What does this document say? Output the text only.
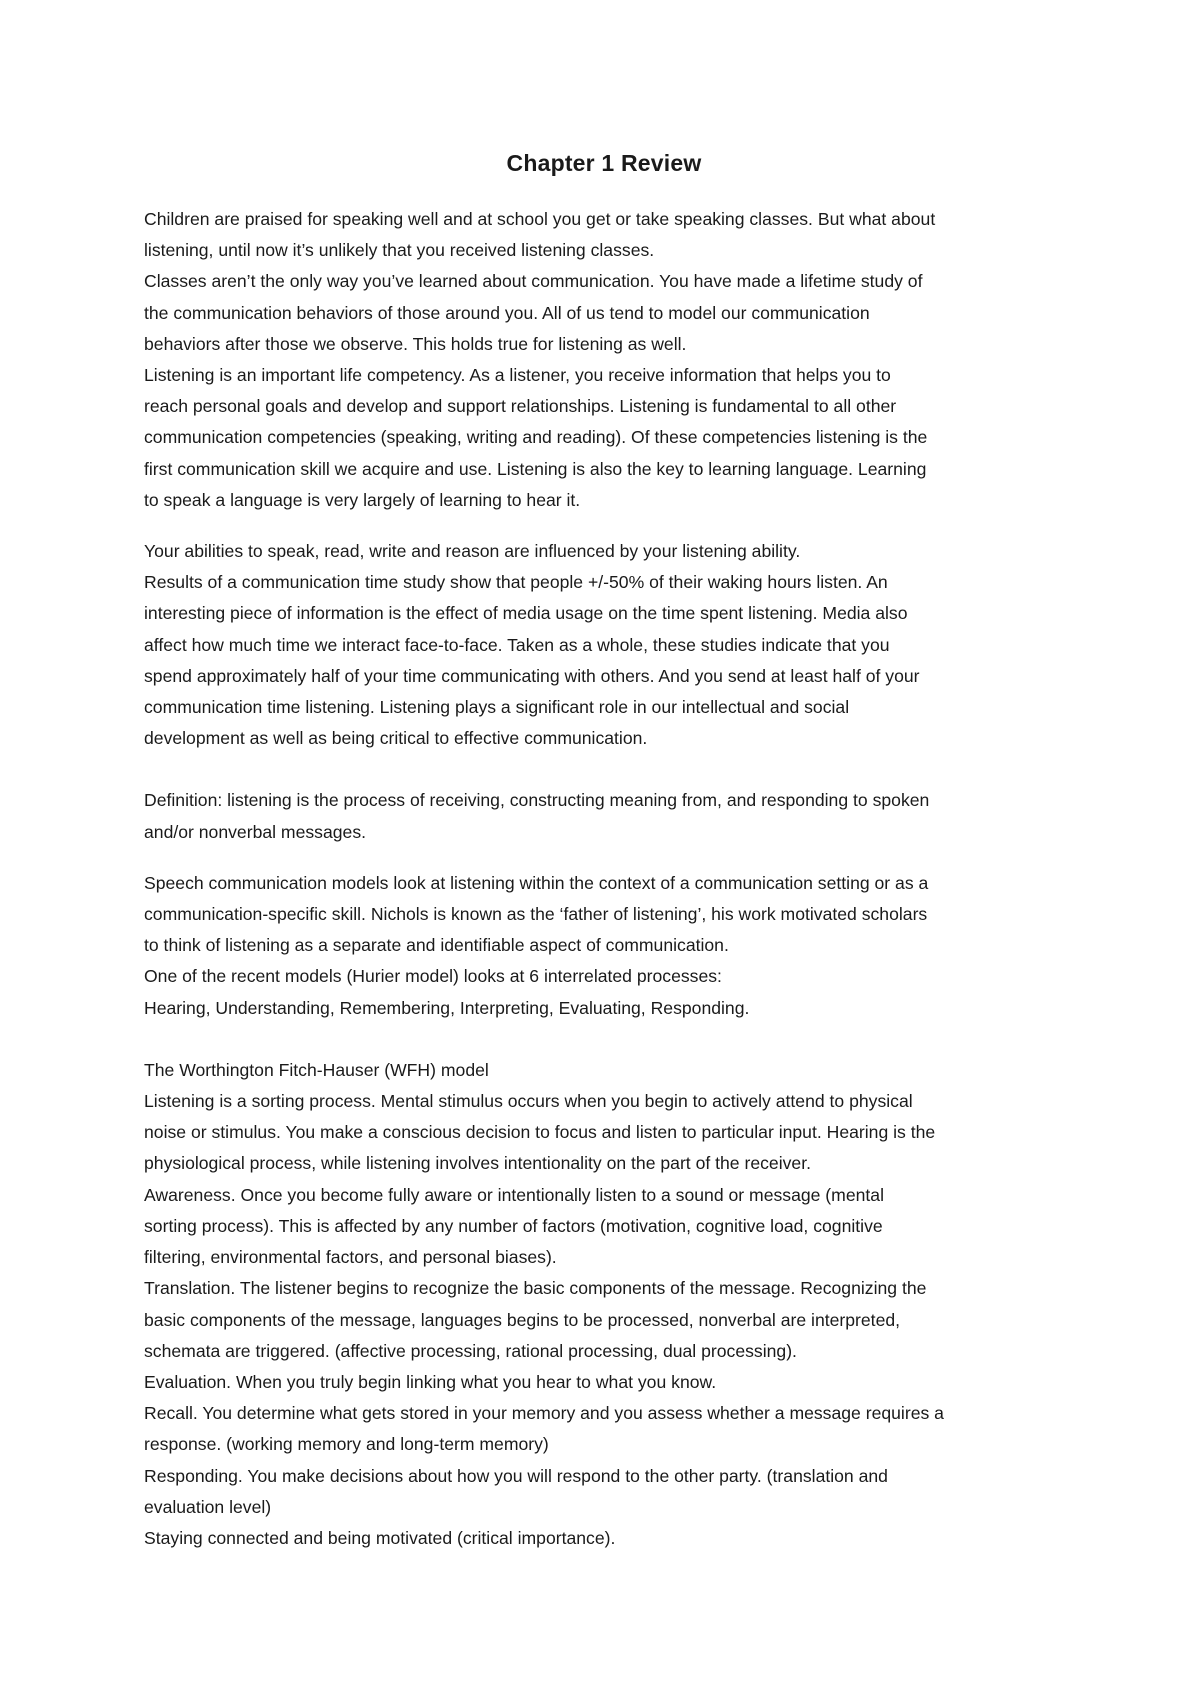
Chapter 1 Review

Children are praised for speaking well and at school you get or take speaking classes. But what about
listening, until now it’s unlikely that you received listening classes.

Classes aren’t the only way you’ve learned about communication. You have made a lifetime study of
the communication behaviors of those around you. All of us tend to model our communication
behaviors after those we observe. This holds true for listening as well.

Listening is an important life competency. As a listener, you receive information that helps you to
reach personal goals and develop and support relationships. Listening is fundamental to all other
communication competencies (speaking, writing and reading). Of these competencies listening is the
first communication skill we acquire and use. Listening is also the key to learning language. Learning
to speak a language is very largely of learning to hear it.

Your abilities to speak, read, write and reason are influenced by your listening ability.

Results of a communication time study show that people +/-50% of their waking hours listen. An
interesting piece of information is the effect of media usage on the time spent listening. Media also
affect how much time we interact face-to-face. Taken as a whole, these studies indicate that you
spend approximately half of your time communicating with others. And you send at least half of your
communication time listening. Listening plays a significant role in our intellectual and social
development as well as being critical to effective communication.

Definition: listening is the process of receiving, constructing meaning from, and responding to spoken
and/or nonverbal messages.

Speech communication models look at listening within the context of a communication setting or as a
communication-specific skill. Nichols is known as the ‘father of listening’, his work motivated scholars
to think of listening as a separate and identifiable aspect of communication.

One of the recent models (Hurier model) looks at 6 interrelated processes:

Hearing, Understanding, Remembering, Interpreting, Evaluating, Responding.

The Worthington Fitch-Hauser (WFH) model

Listening is a sorting process. Mental stimulus occurs when you begin to actively attend to physical
noise or stimulus. You make a conscious decision to focus and listen to particular input. Hearing is the
physiological process, while listening involves intentionality on the part of the receiver.

Awareness. Once you become fully aware or intentionally listen to a sound or message (mental
sorting process). This is affected by any number of factors (motivation, cognitive load, cognitive
filtering, environmental factors, and personal biases).

Translation. The listener begins to recognize the basic components of the message. Recognizing the
basic components of the message, languages begins to be processed, nonverbal are interpreted,
schemata are triggered. (affective processing, rational processing, dual processing).

Evaluation. When you truly begin linking what you hear to what you know.

Recall. You determine what gets stored in your memory and you assess whether a message requires a
response. (working memory and long-term memory)

Responding. You make decisions about how you will respond to the other party. (translation and
evaluation level)

Staying connected and being motivated (critical importance).
